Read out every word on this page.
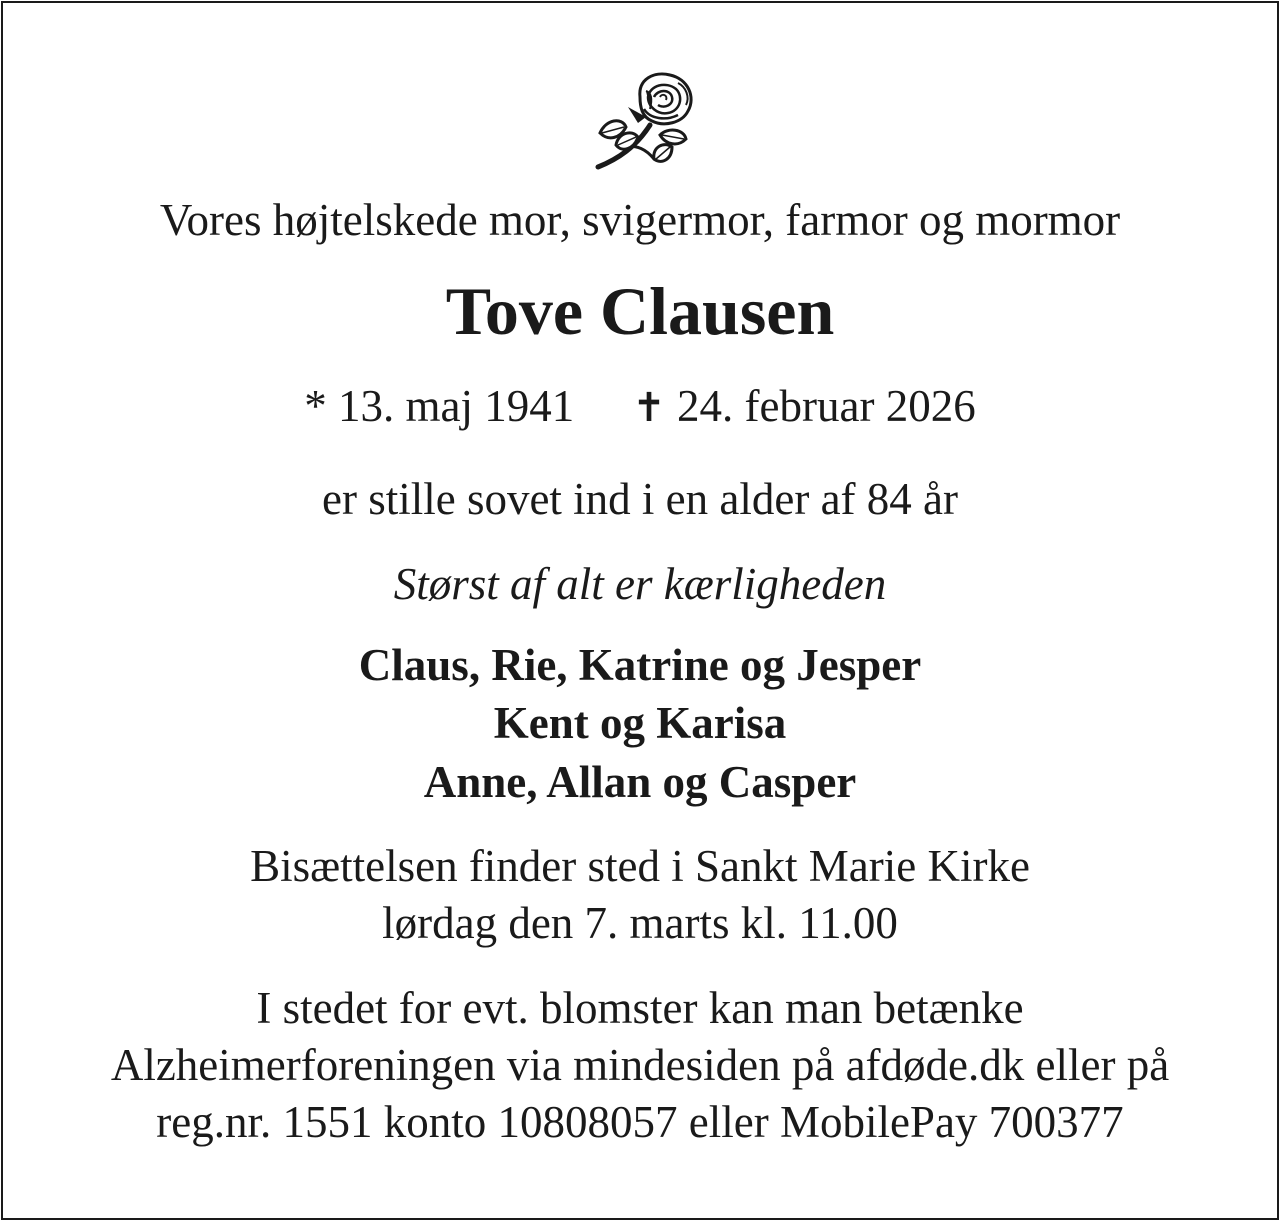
Vores højtelskede mor, svigermor, farmor og mormor
Tove Clausen
* 13. maj 1941 ✝ 24. februar 2026
er stille sovet ind i en alder af 84 år
Størst af alt er kærligheden
Claus, Rie, Katrine og Jesper
Kent og Karisa
Anne, Allan og Casper
Bisættelsen finder sted i Sankt Marie Kirke
lørdag den 7. marts kl. 11.00
I stedet for evt. blomster kan man betænke
Alzheimerforeningen via mindesiden på afdøde.dk eller på
reg.nr. 1551 konto 10808057 eller MobilePay 700377
